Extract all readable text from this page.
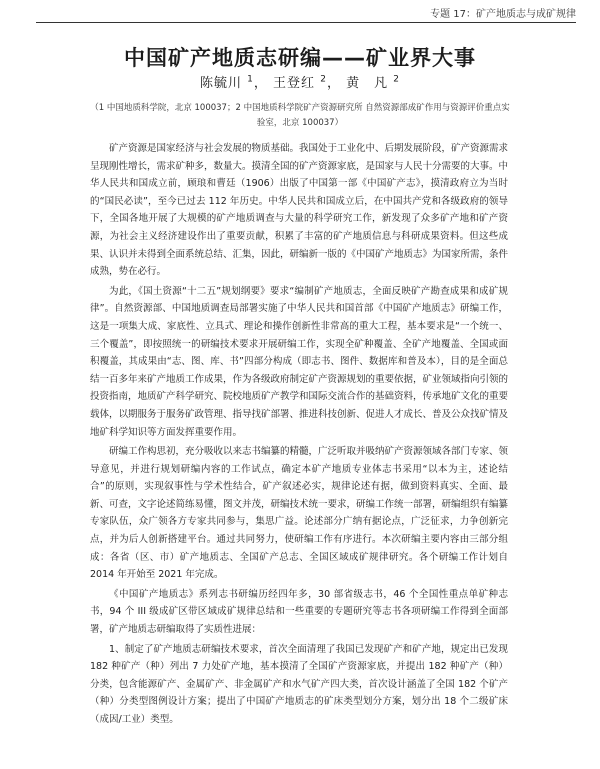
专题 17：矿产地质志与成矿规律
中国矿产地质志研编——矿业界大事
陈毓川 $^1$， 王登红 $^2$， 黄　凡 $^2$
（1 中国地质科学院，北京 100037；2 中国地质科学院矿产资源研究所 自然资源部成矿作用与资源评价重点实验室，北京 100037）

矿产资源是国家经济与社会发展的物质基础。我国处于工业化中、后期发展阶段，矿产资源需求呈现刚性增长，需求矿种多，数量大。摸清全国的矿产资源家底，是国家与人民十分需要的大事。中华人民共和国成立前，顾琅和曹廷（1906）出版了中国第一部《中国矿产志》，摸清政府立为当时的“国民必读”，至今已过去 112 年历史。中华人民共和国成立后，在中国共产党和各级政府的领导下，全国各地开展了大规模的矿产地质调查与大量的科学研究工作，新发现了众多矿产地和矿产资源，为社会主义经济建设作出了重要贡献，积累了丰富的矿产地质信息与科研成果资料。但这些成果、认识并未得到全面系统总结、汇集，因此，研编新一版的《中国矿产地质志》为国家所需，条件成熟，势在必行。

为此，《国土资源“十二五”规划纲要》要求“编制矿产地质志，全面反映矿产勘查成果和成矿规律”。自然资源部、中国地质调查局部署实施了中华人民共和国首部《中国矿产地质志》研编工作，这是一项集大成、家底性、立具式、理论和操作创新性非常高的重大工程，基本要求是“一个统一、三个覆盖”，即按照统一的研编技术要求开展研编工作，实现全矿种覆盖、全矿产地覆盖、全国或面积覆盖，其成果由“志、图、库、书”四部分构成（即志书、图件、数据库和普及本），目的是全面总结一百多年来矿产地质工作成果，作为各级政府制定矿产资源规划的重要依据，矿业领域指向引领的投资指南，地质矿产科学研究、院校地质矿产教学和国际交流合作的基础资料，传承地矿文化的重要载体，以期服务于服务矿政管理、指导找矿部署、推进科技创新、促进人才成长、普及公众找矿情及地矿科学知识等方面发挥重要作用。

研编工作构思初，充分吸收以来志书编纂的精髓，广泛听取并吸纳矿产资源领域各部门专家、领导意见，并进行规划研编内容的工作试点，确定本矿产地质专业体志书采用“以本为主，述论结合”的原则，实现叙事性与学术性结合，矿产叙述必实，规律论述有据，做到资料真实、全面、最新、可查，文字论述简练易懂，图文并茂，研编技术统一要求，研编工作统一部署，研编组织有编纂专家队伍，众广领各方专家共同参与，集思广益。论述部分广纳有据论点，广泛征求，力争创新完点，并为后人创新搭建平台。通过共同努力，使研编工作有序进行。本次研编主要内容由三部分组成：各省（区、市）矿产地质志、全国矿产总志、全国区域成矿规律研究。各个研编工作计划自 2014 年开始至 2021 年完成。

《中国矿产地质志》系列志书研编历经四年多，30 部省级志书，46 个全国性重点单矿种志书，94 个 III 级成矿区带区域成矿规律总结和一些重要的专题研究等志书各项研编工作得到全面部署，矿产地质志研编取得了实质性进展：

1、制定了矿产地质志研编技术要求，首次全面清理了我国已发现矿产和矿产地，规定出已发现 182 种矿产（种）列出 7 力处矿产地，基本摸清了全国矿产资源家底，并提出 182 种矿产（种）分类，包含能源矿产、金属矿产、非金属矿产和水气矿产四大类，首次设计涵盖了全国 182 个矿产（种）分类型图例设计方案；提出了中国矿产地质志的矿床类型划分方案，划分出 18 个二级矿床（成因/工业）类型。
